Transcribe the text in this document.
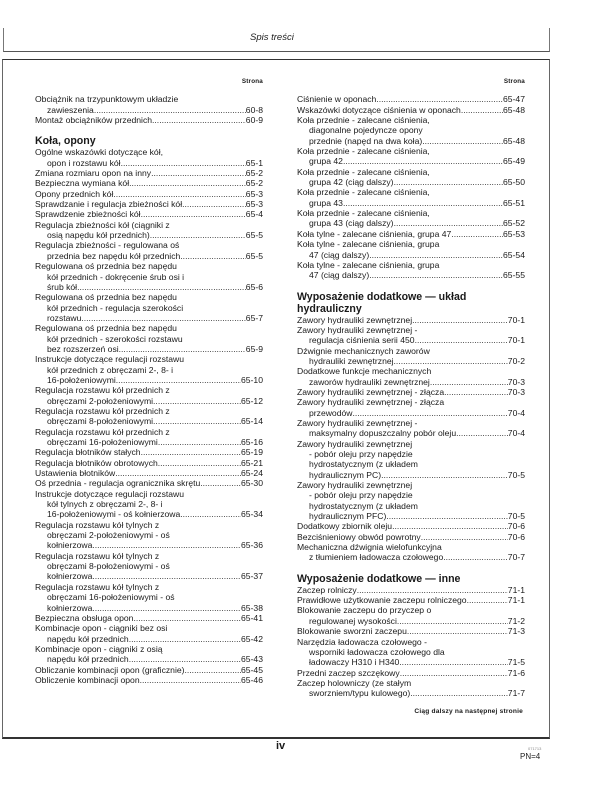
Spis treści
Strona
Obciążnik na trzypunktowym układzie
zawieszenia .....	60-8
Montaż obciążników przednich .....	60-9
Koła, opony
Ogólne wskazówki dotyczące kół,
opon i rozstawu kół .....	65-1
Zmiana rozmiaru opon na inny .....	65-2
Bezpieczna wymiana kół .....	65-2
Opony przednich kół .....	65-3
Sprawdzanie i regulacja zbieżności kół .....	65-3
Sprawdzenie zbieżności kół .....	65-4
Regulacja zbieżności kół (ciągniki z
osią napędu kół przednich) .....	65-5
Regulacja zbieżności - regulowana oś
przednia bez napędu kół przednich .....	65-5
Regulowana oś przednia bez napędu
kół przednich - dokręcenie śrub osi i
śrub kół .....	65-6
Regulowana oś przednia bez napędu
kół przednich - regulacja szerokości
rozstawu .....	65-7
Regulowana oś przednia bez napędu
kół przednich - szerokości rozstawu
bez rozszerzeń osi .....	65-9
Instrukcje dotyczące regulacji rozstawu
kół przednich z obręczami 2-, 8- i
16-położeniowymi .....	65-10
Regulacja rozstawu kół przednich z
obręczami 2-położeniowymi .....	65-12
Regulacja rozstawu kół przednich z
obręczami 8-położeniowymi .....	65-14
Regulacja rozstawu kół przednich z
obręczami 16-położeniowymi .....	65-16
Regulacja błotników stałych .....	65-19
Regulacja błotników obrotowych .....	65-21
Ustawienia błotników .....	65-24
Oś przednia - regulacja ogranicznika skrętu .....	65-30
Instrukcje dotyczące regulacji rozstawu
kół tylnych z obręczami 2-, 8- i
16-położeniowymi - oś kołnierzowa .....	65-34
Regulacja rozstawu kół tylnych z
obręczami 2-położeniowymi - oś
kołnierzowa .....	65-36
Regulacja rozstawu kół tylnych z
obręczami 8-położeniowymi - oś
kołnierzowa .....	65-37
Regulacja rozstawu kół tylnych z
obręczami 16-położeniowymi - oś
kołnierzowa .....	65-38
Bezpieczna obsługa opon .....	65-41
Kombinacje opon - ciągniki bez osi
napędu kół przednich .....	65-42
Kombinacje opon - ciągniki z osią
napędu kół przednich .....	65-43
Obliczanie kombinacji opon (graficznie) .....	65-45
Obliczenie kombinacji opon .....	65-46
Strona
Ciśnienie w oponach .....	65-47
Wskazówki dotyczące ciśnienia w oponach .....	65-48
Koła przednie - zalecane ciśnienia,
diagonalne pojedyncze opony
przednie (napęd na dwa koła) .....	65-48
Koła przednie - zalecane ciśnienia,
grupa 42 .....	65-49
Koła przednie - zalecane ciśnienia,
grupa 42 (ciąg dalszy) .....	65-50
Koła przednie - zalecane ciśnienia,
grupa 43 .....	65-51
Koła przednie - zalecane ciśnienia,
grupa 43 (ciąg dalszy) .....	65-52
Koła tylne - zalecane ciśnienia, grupa 47 .....	65-53
Koła tylne - zalecane ciśnienia, grupa
47 (ciąg dalszy) .....	65-54
Koła tylne - zalecane ciśnienia, grupa
47 (ciąg dalszy) .....	65-55
Wyposażenie dodatkowe — układ hydrauliczny
Zawory hydrauliki zewnętrznej .....	70-1
Zawory hydrauliki zewnętrznej -
regulacja ciśnienia serii 450 .....	70-1
Dźwignie mechanicznych zaworów
hydrauliki zewnętrznej .....	70-2
Dodatkowe funkcje mechanicznych
zaworów hydrauliki zewnętrznej .....	70-3
Zawory hydrauliki zewnętrznej - złącza .....	70-3
Zawory hydrauliki zewnętrznej - złącza
przewodów .....	70-4
Zawory hydrauliki zewnętrznej -
maksymalny dopuszczalny pobór oleju .....	70-4
Zawory hydrauliki zewnętrznej
- pobór oleju przy napędzie
hydrostatycznym (z układem
hydraulicznym PC) .....	70-5
Zawory hydrauliki zewnętrznej
- pobór oleju przy napędzie
hydrostatycznym (z układem
hydraulicznym PFC) .....	70-5
Dodatkowy zbiornik oleju .....	70-6
Bezciśnieniowy obwód powrotny .....	70-6
Mechaniczna dźwignia wielofunkcyjna
z tłumieniem ładowacza czołowego .....	70-7
Wyposażenie dodatkowe — inne
Zaczep rolniczy .....	71-1
Prawidłowe użytkowanie zaczepu rolniczego .....	71-1
Blokowanie zaczepu do przyczep o
regulowanej wysokości .....	71-2
Blokowanie sworzni zaczepu .....	71-3
Narzędzia ładowacza czołowego -
wsporniki ładowacza czołowego dla
ładowaczy H310 i H340 .....	71-5
Przedni zaczep szczękowy .....	71-6
Zaczep holowniczy (ze stałym
sworzniem/typu kulowego) .....	71-7
Ciąg dalszy na następnej stronie
iv	071713
PN=4
